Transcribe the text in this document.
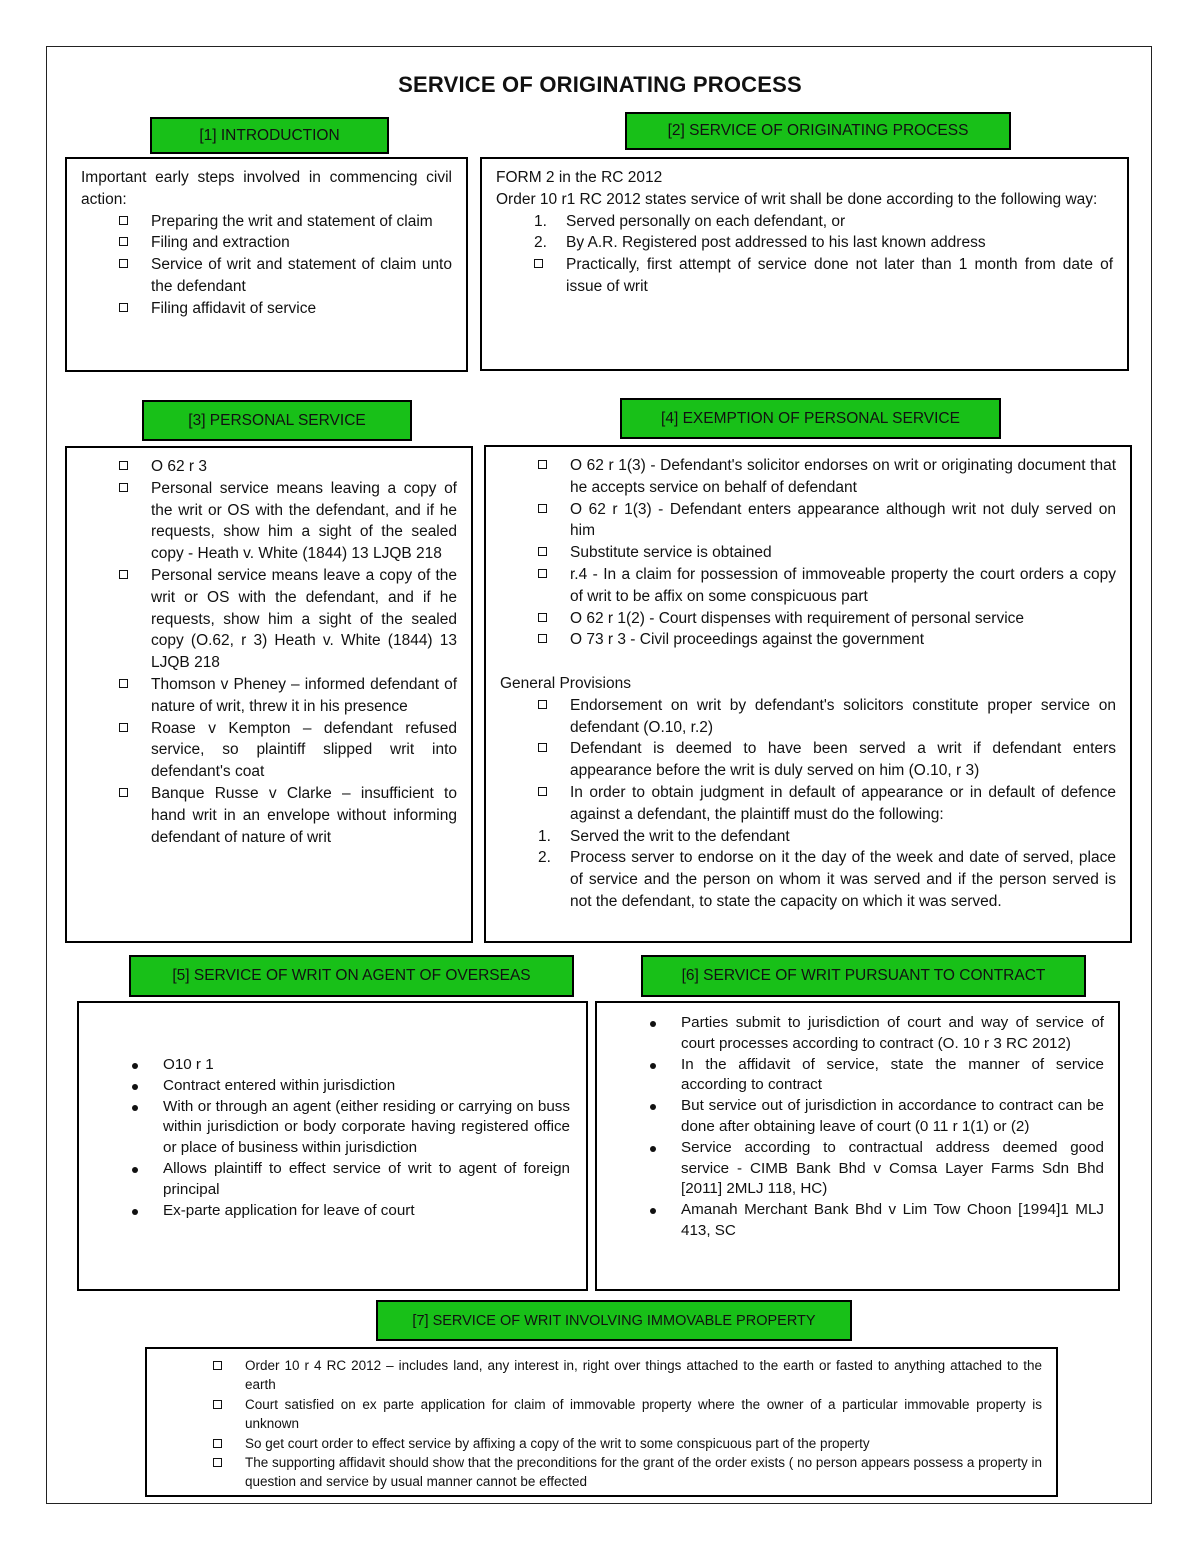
SERVICE OF ORIGINATING PROCESS
[1] INTRODUCTION
Important early steps involved in commencing civil action:
Preparing the writ and statement of claim
Filing and extraction
Service of writ and statement of claim unto the defendant
Filing affidavit of service
[2] SERVICE OF ORIGINATING PROCESS
FORM 2 in the RC 2012
Order 10 r1 RC 2012 states service of writ shall be done according to the following way:
1. Served personally on each defendant, or
2. By A.R. Registered post addressed to his last known address
Practically, first attempt of service done not later than 1 month from date of issue of writ
[3] PERSONAL SERVICE
O 62 r 3
Personal service means leaving a copy of the writ or OS with the defendant, and if he requests, show him a sight of the sealed copy - Heath v. White (1844) 13 LJQB 218
Personal service means leave a copy of the writ or OS with the defendant, and if he requests, show him a sight of the sealed copy (O.62, r 3) Heath v. White (1844) 13 LJQB 218
Thomson v Pheney – informed defendant of nature of writ, threw it in his presence
Roase v Kempton – defendant refused service, so plaintiff slipped writ into defendant's coat
Banque Russe v Clarke – insufficient to hand writ in an envelope without informing defendant of nature of writ
[4] EXEMPTION OF PERSONAL SERVICE
O 62 r 1(3) - Defendant's solicitor endorses on writ or originating document that he accepts service on behalf of defendant
O 62 r 1(3) - Defendant enters appearance although writ not duly served on him
Substitute service is obtained
r.4 - In a claim for possession of immoveable property the court orders a copy of writ to be affix on some conspicuous part
O 62 r 1(2) - Court dispenses with requirement of personal service
O 73 r 3 - Civil proceedings against the government
General Provisions
Endorsement on writ by defendant's solicitors constitute proper service on defendant (O.10, r.2)
Defendant is deemed to have been served a writ if defendant enters appearance before the writ is duly served on him (O.10, r 3)
In order to obtain judgment in default of appearance or in default of defence against a defendant, the plaintiff must do the following:
1. Served the writ to the defendant
2. Process server to endorse on it the day of the week and date of served, place of service and the person on whom it was served and if the person served is not the defendant, to state the capacity on which it was served.
[5] SERVICE OF WRIT ON AGENT OF OVERSEAS
O10 r 1
Contract entered within jurisdiction
With or through an agent (either residing or carrying on buss within jurisdiction or body corporate having registered office or place of business within jurisdiction
Allows plaintiff to effect service of writ to agent of foreign principal
Ex-parte application for leave of court
[6] SERVICE OF WRIT PURSUANT TO CONTRACT
Parties submit to jurisdiction of court and way of service of court processes according to contract (O. 10 r 3 RC 2012)
In the affidavit of service, state the manner of service according to contract
But service out of jurisdiction in accordance to contract can be done after obtaining leave of court (0 11 r 1(1) or (2)
Service according to contractual address deemed good service - CIMB Bank Bhd v Comsa Layer Farms Sdn Bhd [2011] 2MLJ 118, HC)
Amanah Merchant Bank Bhd v Lim Tow Choon [1994]1 MLJ 413, SC
[7] SERVICE OF WRIT INVOLVING IMMOVABLE PROPERTY
Order 10 r 4 RC 2012 – includes land, any interest in, right over things attached to the earth or fasted to anything attached to the earth
Court satisfied on ex parte application for claim of immovable property where the owner of a particular immovable property is unknown
So get court order to effect service by affixing a copy of the writ to some conspicuous part of the property
The supporting affidavit should show that the preconditions for the grant of the order exists ( no person appears possess a property in question and service by usual manner cannot be effected
